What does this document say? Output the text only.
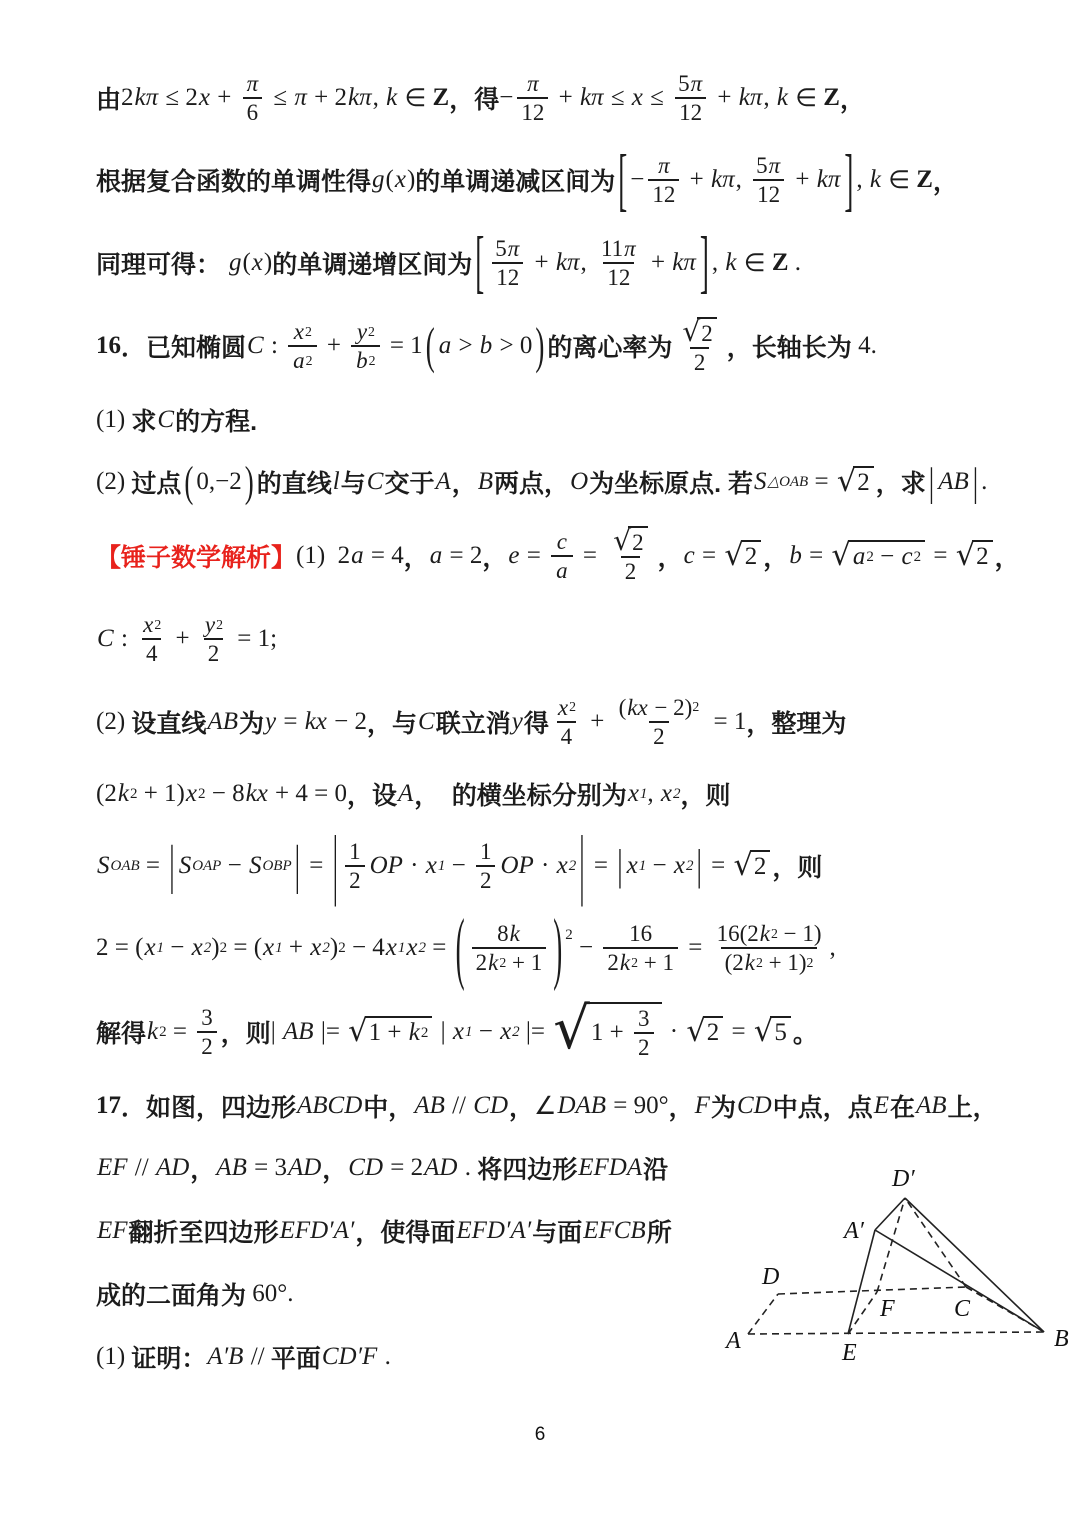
由 2 kπ ≤ 2 $x + \frac{\pi}{6} \le \pi + 2$ kπ , k ∈ Z ，得 − $\frac{\pi}{12} + k\pi \le x \le \frac{5 \pi}{12} + k\pi$ , k ∈ Z ，
根据复合函数的单调性得 g ( x ) 的单调递减区间为 [ − $\frac{\pi}{12} + k\pi$ , $\frac{5 \pi}{12} + k\pi$ ] , k ∈ Z ，
同理可得： g ( x ) 的单调递增区间为 [ $\frac{5 \pi}{12} + k\pi$ , $\frac{11 \pi}{12} + k\pi$ ] , k ∈ Z .
16 ．已知椭圆 C : $\frac{x 2}{a 2} + \frac{y 2}{b 2} = 1$ ( a > b > 0 ) 的离心率为 $\frac{√ 2}{2}$ ，长轴长为 4.
(1) 求 C 的方程.
(2) 过点 ( 0,−2 ) 的直线 l 与 C 交于 A ， B 两点， O 为坐标原点. 若 S △OAB = √ 2 ，求 | AB | .
【锤子数学解析】 (1)  2 a = 4 ， a = 2 ， $e = \frac{c}{a} = \frac{√ 2}{2}$ ， c = √ 2 ， b = √ a 2 − c 2 = √ 2 ，
C : $\frac{x 2}{4} + \frac{y 2}{2} = 1$;
(2) 设直线 AB 为 y = kx − 2 ，与 C 联立消 y 得 $\frac{x 2}{4} + \frac{( kx - 2) 2}{2} = 1$ ，整理为
(2 k 2 + 1) x 2 − 8 kx + 4 = 0 ，设 A ，　的横坐标分别为 x 1 , x 2 ，则
S OAB = | S OAP − S OBP | = | $\frac{1}{2}$ OP · x $1 - \frac{1}{2}$ OP · x 2 | = | x 1 − x 2 | = √ 2 ，则
2 = ( x 1 − x 2 ) 2 = ( x 1 + x 2 ) 2 − 4 x 1 x 2 = ( $\frac{8 k}{2 k 2 + 1} )^2 - \frac{16}{2 k 2 + 1} = \frac{16(2 k 2 - 1)}{(2 k 2 + 1) 2}$ ,
解得 k $2 = \frac{3}{2}$ ，则 | AB |= √ 1 + k 2 | x 1 − x 2 |= √ $1 + \frac{3}{2}$ · √ 2 = √ 5 。
17 ．如图，四边形 ABCD 中， AB // CD ， ∠ DAB = 90° ， F 为 CD 中点，点 E 在 AB 上，
EF // AD ， AB = 3 AD ， CD = 2 AD . 将四边形 EFDA 沿
EF 翻折至四边形 EFD′A′ ，使得面 EFD′A′ 与面 EFCB 所
成的二面角为 60°.
(1) 证明： A′B // 平面 CD′F .
D′
A′
D
F C
A	E
B
6
